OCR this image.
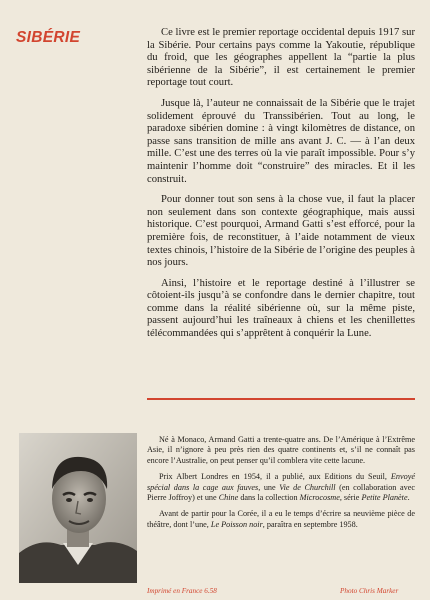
SIBÉRIE	Ce livre est le premier reportage occidental depuis 1917 sur la Sibérie. Pour certains pays comme la Yakoutie, république du froid, que les géographes appellent la “partie la plus sibérienne de la Sibérie”, il est certainement le premier reportage tout court.

Jusque là, l’auteur ne connaissait de la Sibérie que le trajet solidement éprouvé du Transsibérien. Tout au long, le paradoxe sibérien domine : à vingt kilomètres de distance, on passe sans transition de mille ans avant J. C. — à l’an deux mille. C’est une des terres où la vie paraît impossible. Pour s’y maintenir l’homme doit “construire” des miracles. Et il les construit.

Pour donner tout son sens à la chose vue, il faut la placer non seulement dans son contexte géographique, mais aussi historique. C’est pourquoi, Armand Gatti s’est efforcé, pour la première fois, de reconstituer, à l’aide notamment de vieux textes chinois, l’histoire de la Sibérie de l’origine des peuples à nos jours.

Ainsi, l’histoire et le reportage destiné à l’illustrer se côtoient-ils jusqu’à se confondre dans le dernier chapitre, tout comme dans la réalité sibérienne où, sur la même piste, passent aujourd’hui les traîneaux à chiens et les chenillettes télécommandées qui s’apprêtent à conquérir la Lune.

Né à Monaco, Armand Gatti a trente-quatre ans. De l’Amérique à l’Extrême Asie, il n’ignore à peu près rien des quatre continents et, s’il ne connaît pas encore l’Australie, on peut penser qu’il comblera vite cette lacune.

Prix Albert Londres en 1954, il a publié, aux Editions du Seuil, Envoyé spécial dans la cage aux fauves, une Vie de Churchill (en collaboration avec Pierre Joffroy) et une Chine dans la collection Microcosme, série Petite Planète.

Avant de partir pour la Corée, il a eu le temps d’écrire sa neuvième pièce de théâtre, dont l’une, Le Poisson noir, paraîtra en septembre 1958.

Imprimé en France 6.58	Photo Chris Marker
